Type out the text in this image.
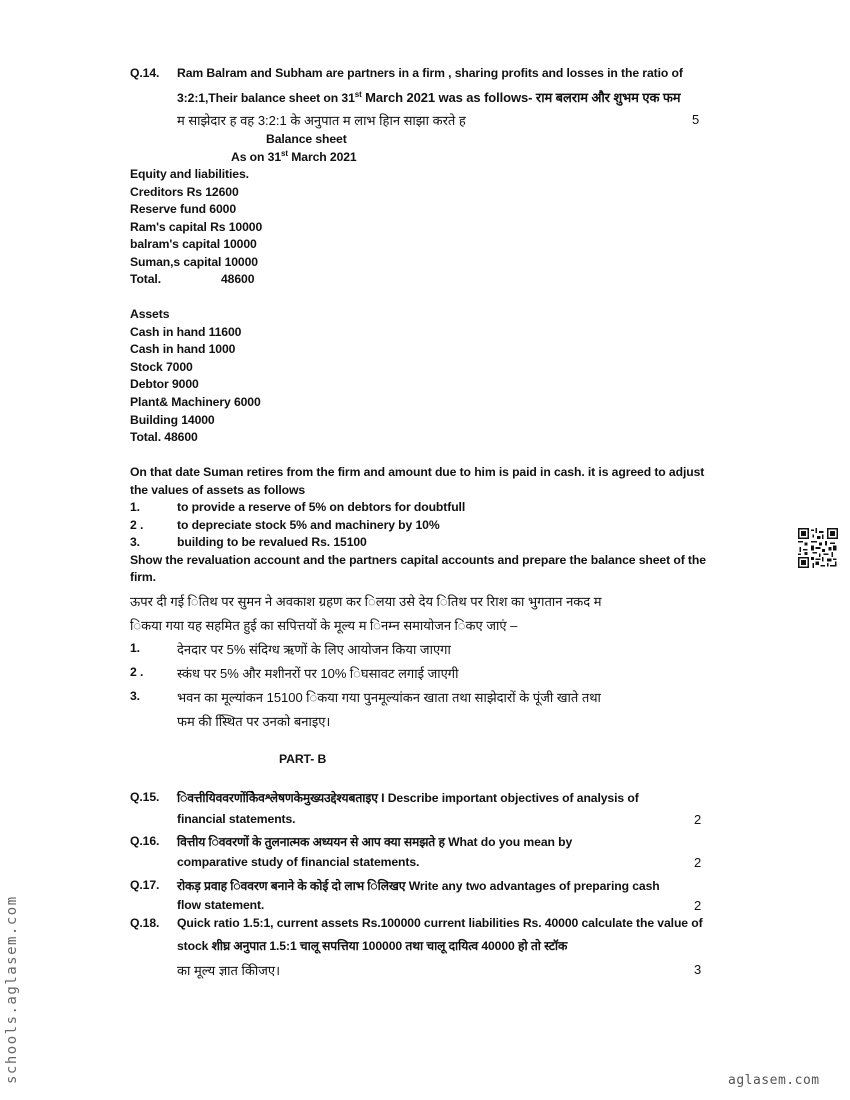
Q.14. Ram Balram and Subham are partners in a firm , sharing profits and losses in the ratio of
3:2:1,Their balance sheet on 31st March 2021 was as follows- राम बलराम और शुभम एक फम
म साझेदार ह वह 3:2:1 के अनुपात म लाभ हािन साझा करते ह	5
Balance sheet
As on 31st March 2021
Equity and liabilities.
Creditors Rs 12600
Reserve fund 6000
Ram's capital Rs 10000
balram's capital 10000
Suman,s capital 10000
Total.	48600
Assets
Cash in hand 11600
Cash in hand 1000
Stock 7000
Debtor 9000
Plant& Machinery 6000
Building 14000
Total. 48600
On that date Suman retires from the firm and amount due to him is paid in cash. it is agreed to adjust
the values of assets as follows
1.	to provide a reserve of 5% on debtors for doubtfull
2 .	to depreciate stock 5% and machinery by 10%
3.	building to be revalued Rs. 15100
Show the revaluation account and the partners capital accounts and prepare the balance sheet of the
firm.
ऊपर दी गई ितिथ पर सुमन ने अवकाश ग्रहण कर िलया उसे देय ितिथ पर रािश का भुगतान नकद म
िकया गया यह सहमित हुई का सपित्तयों के मूल्य म िनम्न समायोजन िकए जाएं –
1.	देनदार पर 5% संदिग्ध ऋणों के लिए आयोजन किया जाएगा
2 .	स्कंध पर 5% और मशीनरों पर 10% िघसावट लगाई जाएगी
3.	भवन का मूल्यांकन 15100 िकया गया पुनमूल्यांकन खाता तथा साझेदारों के पूंजी खाते तथा
फम की स्थिित पर उनको बनाइए।
PART- B
Q.15. िवत्तीयिववरणोंकेिवश्लेषणकेमुख्यउद्देश्यबताइए I Describe important objectives of analysis of
financial statements.	2
Q.16. वित्तीय िववरणों के तुलनात्मक अध्ययन से आप क्या समझते ह What do you mean by
comparative study of financial statements.	2
Q.17. रोकड़ प्रवाह िववरण बनाने के कोई दो लाभ िलिखए Write any two advantages of preparing cash
flow statement.	2
Q.18. Quick ratio 1.5:1, current assets Rs.100000 current liabilities Rs. 40000 calculate the value of
stock शीघ्र अनुपात 1.5:1 चालू सपत्तिया 100000 तथा चालू दायित्व 40000 हो तो स्टॉक
का मूल्य ज्ञात कीिजए।	3
schools.aglasem.com	aglasem.com
